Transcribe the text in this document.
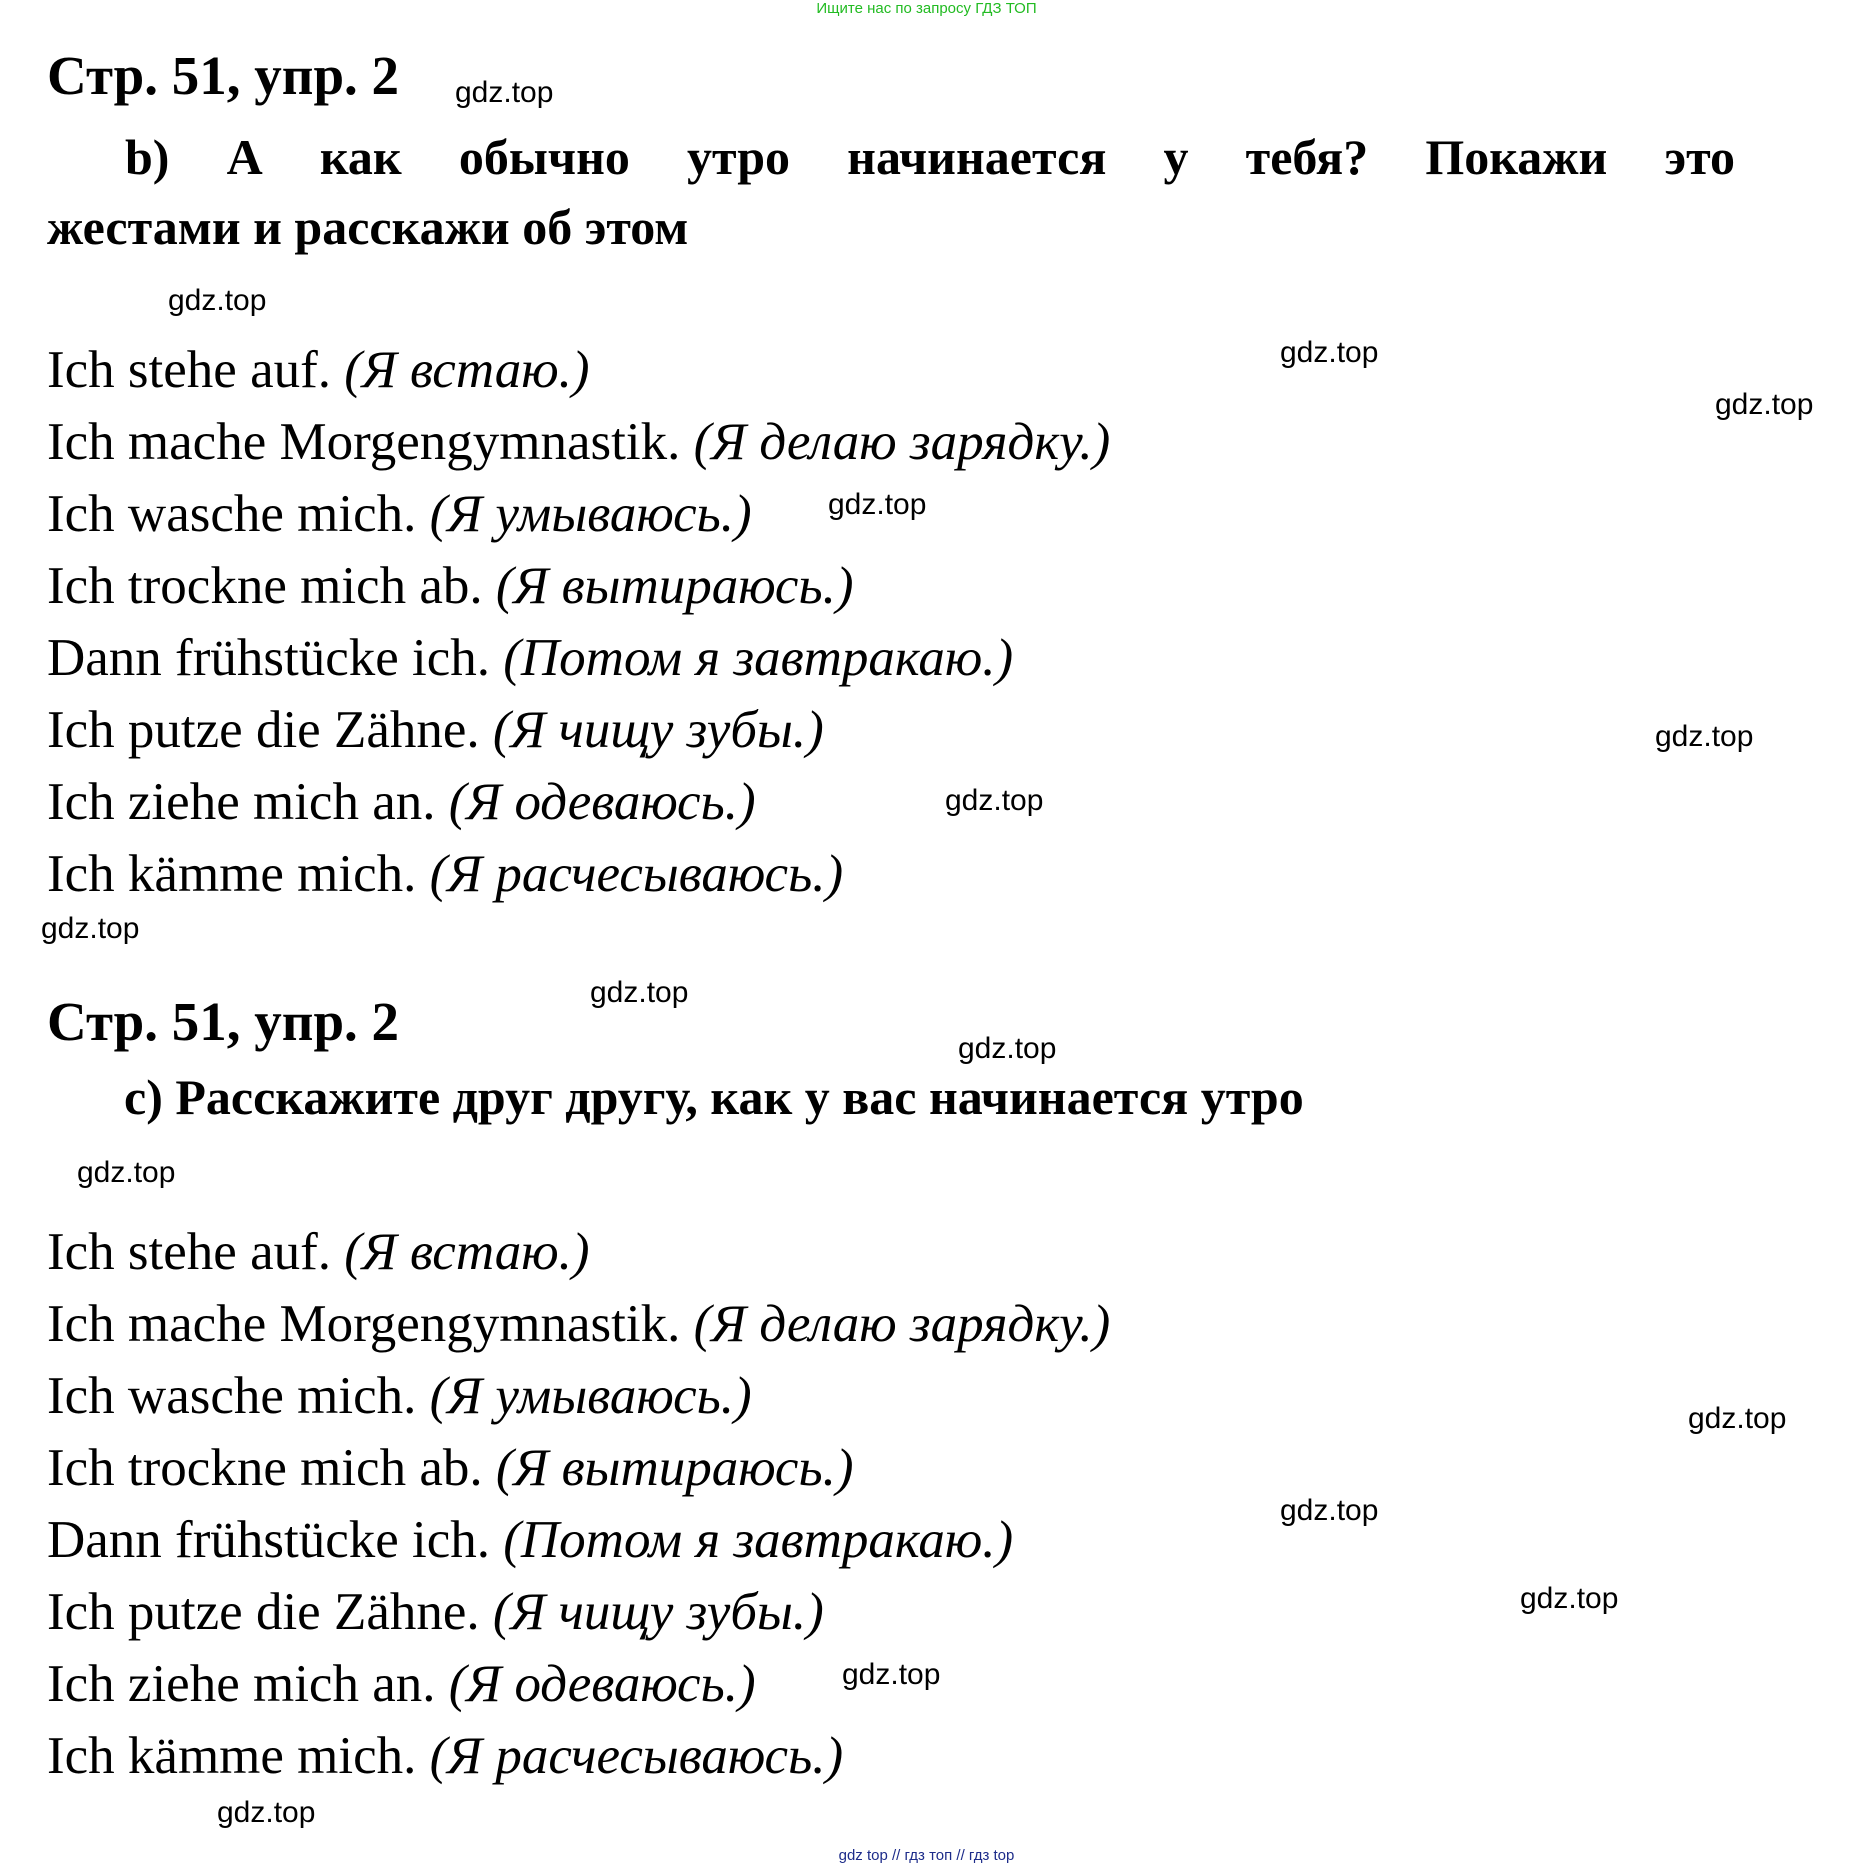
Ищите нас по запросу ГДЗ ТОП
Стр. 51, упр. 2
b) А как обычно утро начинается у тебя? Покажи это
жестами и расскажи об этом
Ich stehe auf. (Я встаю.)
Ich mache Morgengymnastik. (Я делаю зарядку.)
Ich wasche mich. (Я умываюсь.)
Ich trockne mich ab. (Я вытираюсь.)
Dann frühstücke ich. (Потом я завтракаю.)
Ich putze die Zähne. (Я чищу зубы.)
Ich ziehe mich an. (Я одеваюсь.)
Ich kämme mich. (Я расчесываюсь.)
Стр. 51, упр. 2
c) Расскажите друг другу, как у вас начинается утро
Ich stehe auf. (Я встаю.)
Ich mache Morgengymnastik. (Я делаю зарядку.)
Ich wasche mich. (Я умываюсь.)
Ich trockne mich ab. (Я вытираюсь.)
Dann frühstücke ich. (Потом я завтракаю.)
Ich putze die Zähne. (Я чищу зубы.)
Ich ziehe mich an. (Я одеваюсь.)
Ich kämme mich. (Я расчесываюсь.)
gdz.top
gdz.top
gdz.top
gdz.top
gdz.top
gdz.top
gdz.top
gdz.top
gdz.top
gdz.top
gdz.top
gdz.top
gdz.top
gdz.top
gdz.top
gdz.top
gdz top // гдз топ // гдз top
